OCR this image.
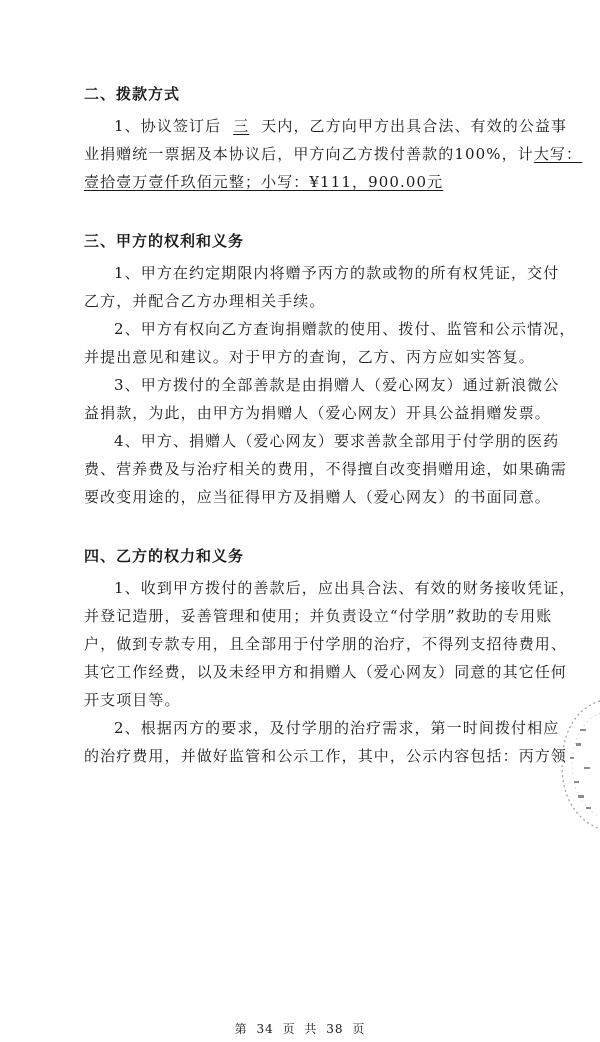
二、拨款方式
1、协议签订后 三 天内，乙方向甲方出具合法、有效的公益事
业捐赠统一票据及本协议后，甲方向乙方拨付善款的100%，计大写：
壹拾壹万壹仟玖佰元整；小写：¥111，900.00元
三、甲方的权利和义务
1、甲方在约定期限内将赠予丙方的款或物的所有权凭证，交付
乙方，并配合乙方办理相关手续。
2、甲方有权向乙方查询捐赠款的使用、拨付、监管和公示情况，
并提出意见和建议。对于甲方的查询，乙方、丙方应如实答复。
3、甲方拨付的全部善款是由捐赠人（爱心网友）通过新浪微公
益捐款，为此，由甲方为捐赠人（爱心网友）开具公益捐赠发票。
4、甲方、捐赠人（爱心网友）要求善款全部用于付学朋的医药
费、营养费及与治疗相关的费用，不得擅自改变捐赠用途，如果确需
要改变用途的，应当征得甲方及捐赠人（爱心网友）的书面同意。
四、乙方的权力和义务
1、收到甲方拨付的善款后，应出具合法、有效的财务接收凭证，
并登记造册，妥善管理和使用；并负责设立“付学朋”救助的专用账
户，做到专款专用，且全部用于付学朋的治疗，不得列支招待费用、
其它工作经费，以及未经甲方和捐赠人（爱心网友）同意的其它任何
开支项目等。
2、根据丙方的要求，及付学朋的治疗需求，第一时间拨付相应
的治疗费用，并做好监管和公示工作，其中，公示内容包括：丙方领
第 34 页 共 38 页
